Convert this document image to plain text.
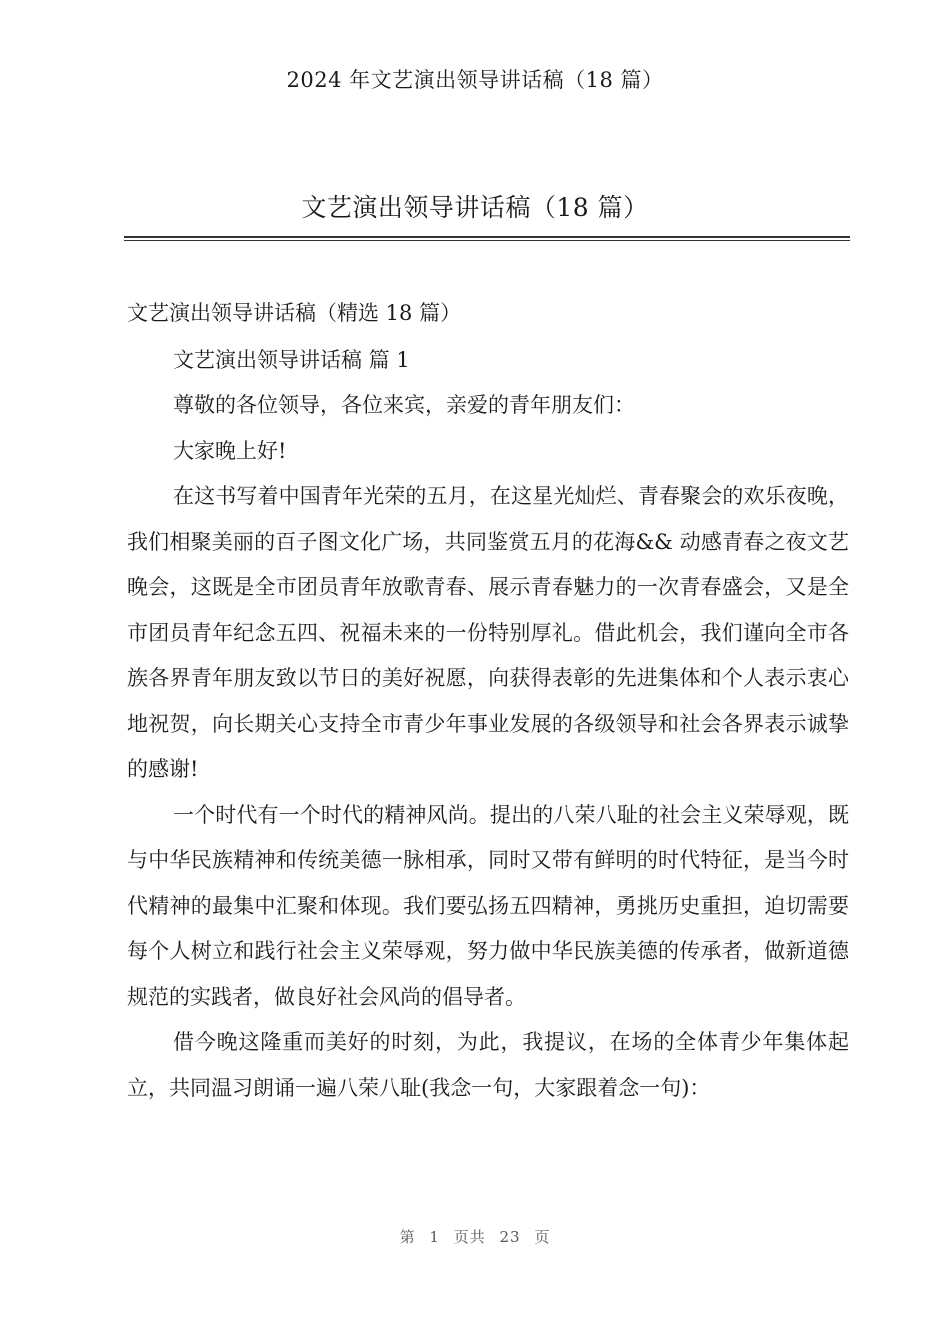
2024 年文艺演出领导讲话稿（18 篇）
文艺演出领导讲话稿（18 篇）

文艺演出领导讲话稿（精选 18 篇）

文艺演出领导讲话稿 篇 1

尊敬的各位领导，各位来宾，亲爱的青年朋友们：

大家晚上好!

在这书写着中国青年光荣的五月，在这星光灿烂、青春聚会的欢乐夜晚，我们相聚美丽的百子图文化广场，共同鉴赏五月的花海&& 动感青春之夜文艺晚会，这既是全市团员青年放歌青春、展示青春魅力的一次青春盛会，又是全市团员青年纪念五四、祝福未来的一份特别厚礼。借此机会，我们谨向全市各族各界青年朋友致以节日的美好祝愿，向获得表彰的先进集体和个人表示衷心地祝贺，向长期关心支持全市青少年事业发展的各级领导和社会各界表示诚挚的感谢!

一个时代有一个时代的精神风尚。提出的八荣八耻的社会主义荣辱观，既与中华民族精神和传统美德一脉相承，同时又带有鲜明的时代特征，是当今时代精神的最集中汇聚和体现。我们要弘扬五四精神，勇挑历史重担，迫切需要每个人树立和践行社会主义荣辱观，努力做中华民族美德的传承者，做新道德规范的实践者，做良好社会风尚的倡导者。

借今晚这隆重而美好的时刻，为此，我提议，在场的全体青少年集体起立，共同温习朗诵一遍八荣八耻(我念一句，大家跟着念一句)：

第 1 页共 23 页
